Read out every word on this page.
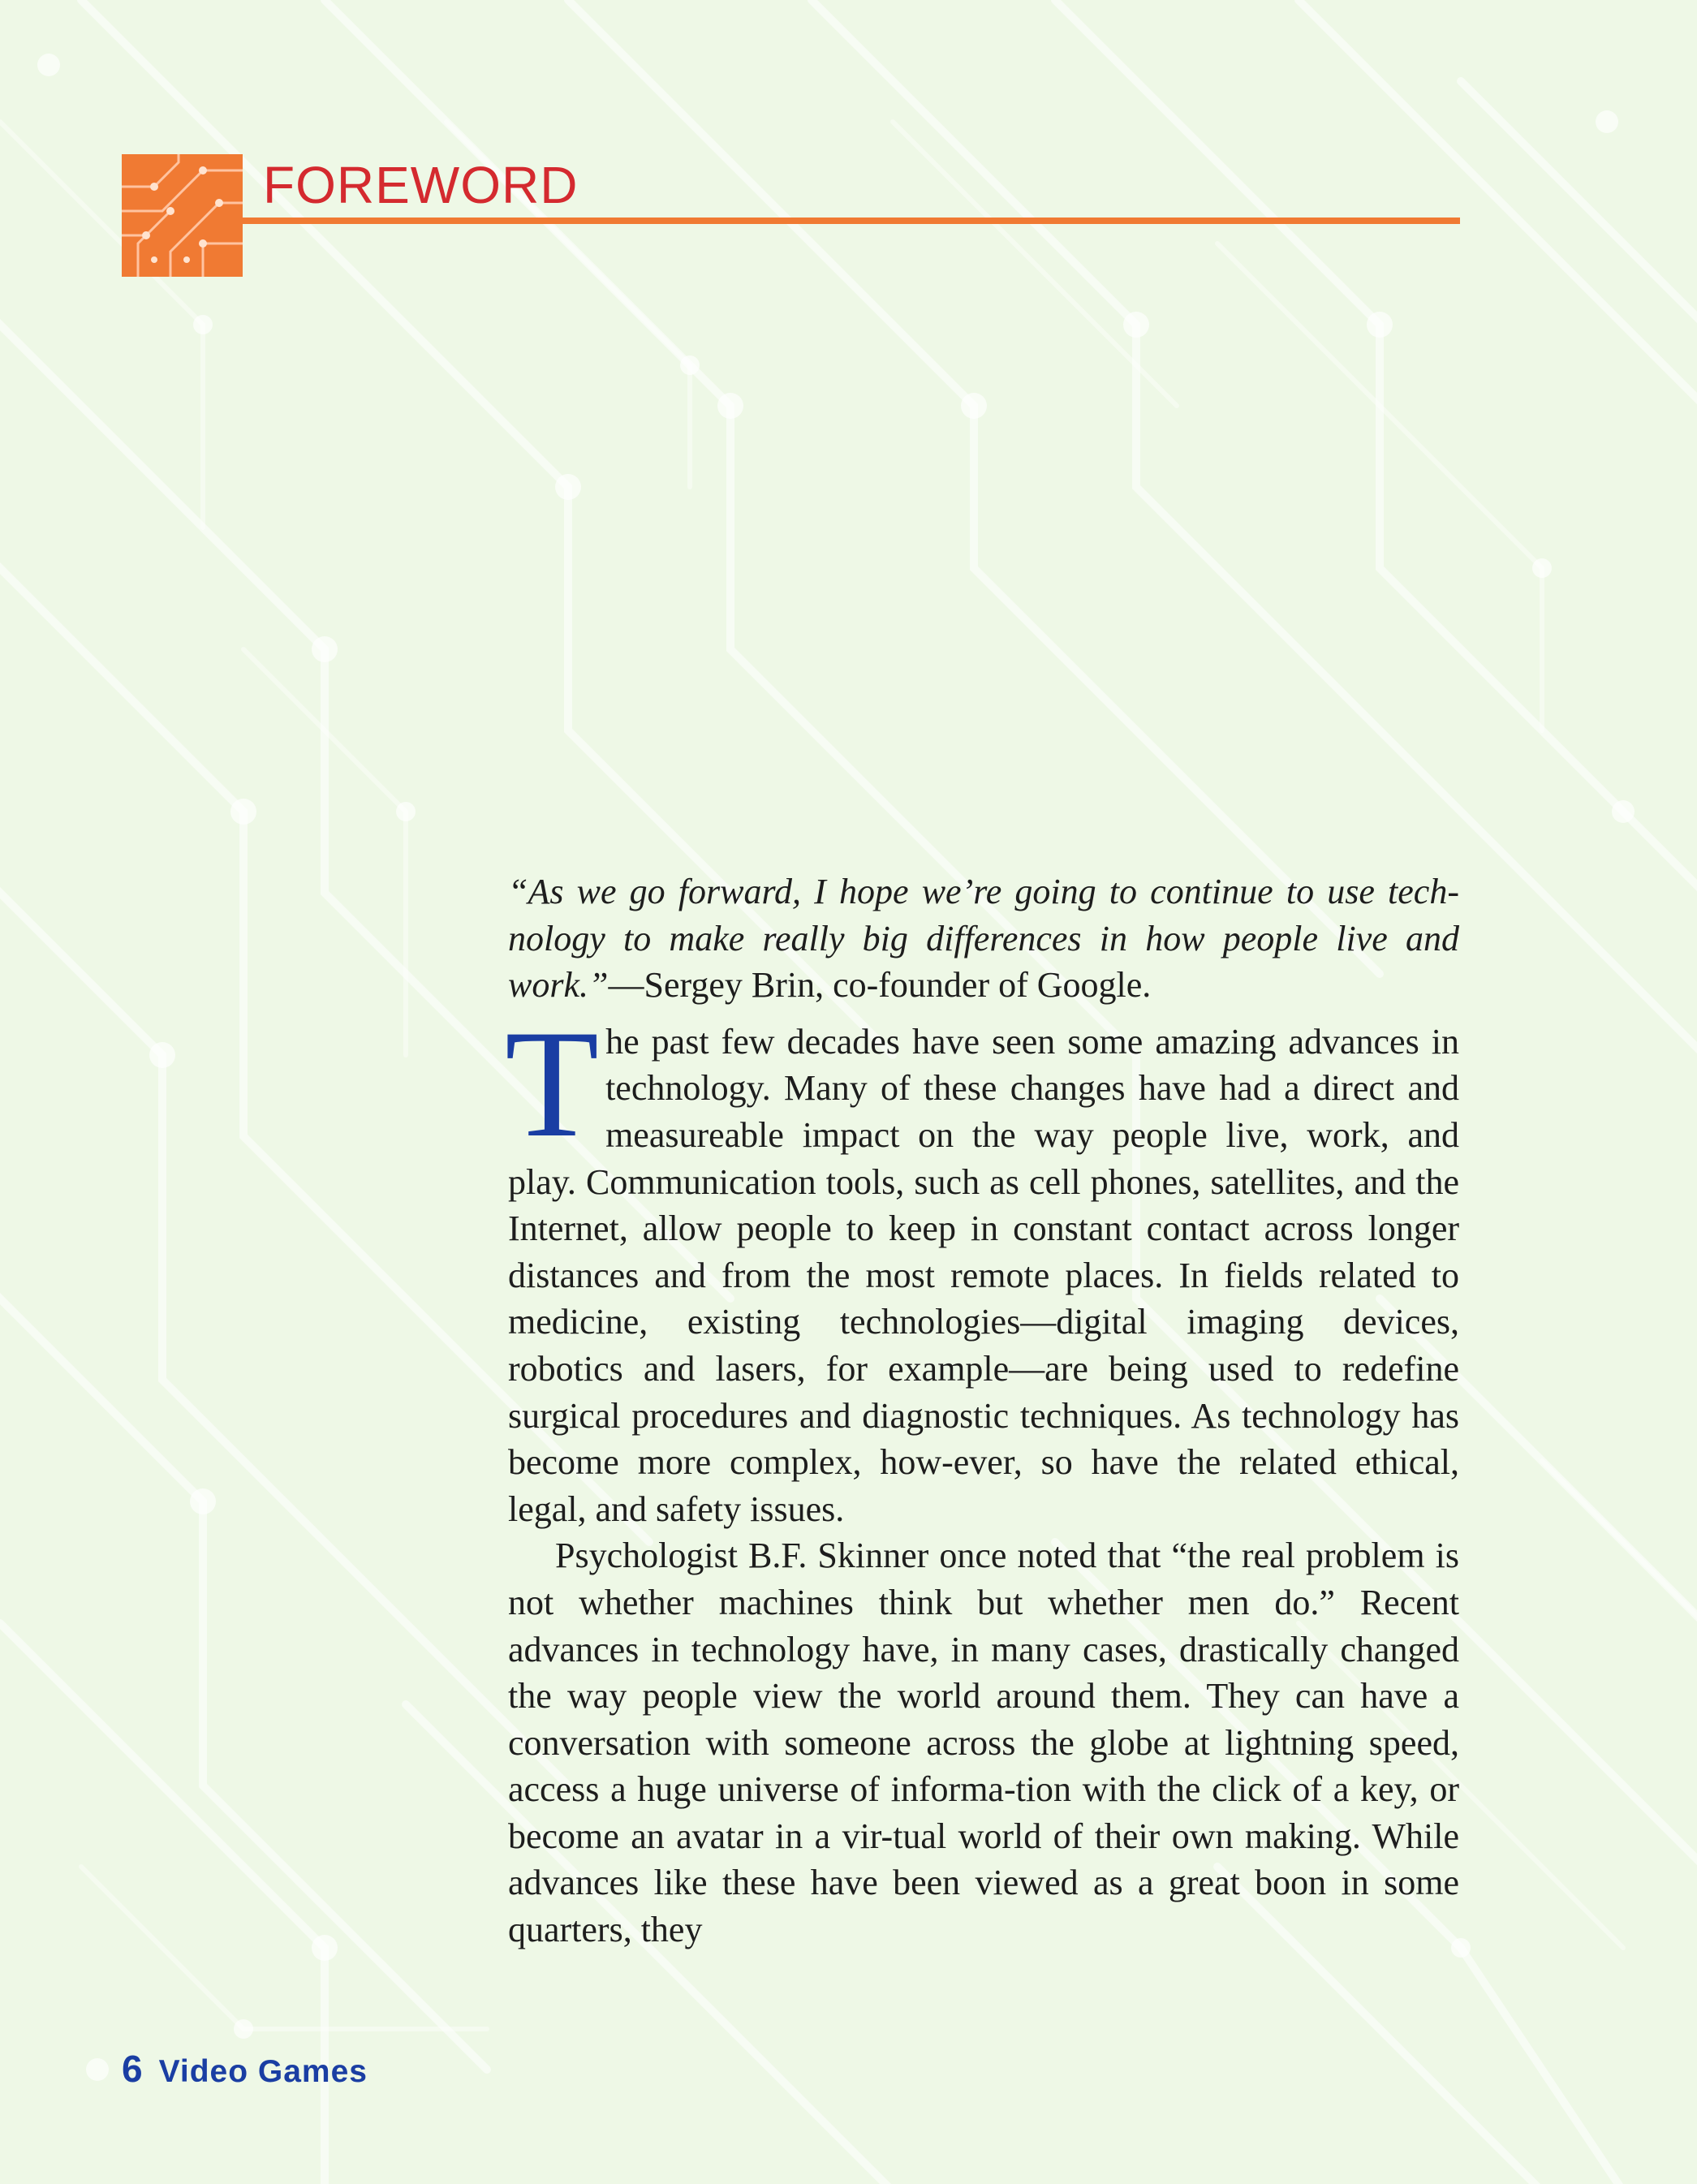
FOREWORD

“As we go forward, I hope we’re going to continue to use tech-nology to make really big differences in how people live and work.”—Sergey Brin, co-founder of Google.

The past few decades have seen some amazing advances in technology. Many of these changes have had a direct and measureable impact on the way people live, work, and play. Communication tools, such as cell phones, satellites, and the Internet, allow people to keep in constant contact across longer distances and from the most remote places. In fields related to medicine, existing technologies—digital imaging devices, robotics and lasers, for example—are being used to redefine surgical procedures and diagnostic techniques. As technology has become more complex, how-ever, so have the related ethical, legal, and safety issues.

Psychologist B.F. Skinner once noted that “the real problem is not whether machines think but whether men do.” Recent advances in technology have, in many cases, drastically changed the way people view the world around them. They can have a conversation with someone across the globe at lightning speed, access a huge universe of informa-tion with the click of a key, or become an avatar in a vir-tual world of their own making. While advances like these have been viewed as a great boon in some quarters, they

6 Video Games
